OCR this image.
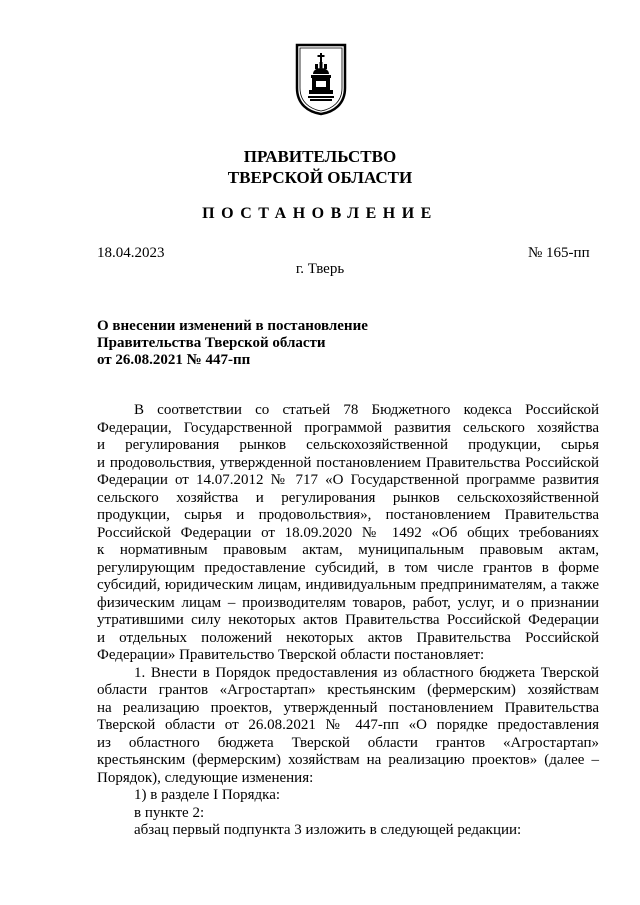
ПРАВИТЕЛЬСТВО
ТВЕРСКОЙ ОБЛАСТИ
ПОСТАНОВЛЕНИЕ
18.04.2023	№ 165-пп
г. Тверь
О внесении изменений в постановление
Правительства Тверской области
от 26.08.2021 № 447-пп
В соответствии со статьей 78 Бюджетного кодекса Российской
Федерации, Государственной программой развития сельского хозяйства
и регулирования рынков сельскохозяйственной продукции, сырья
и продовольствия, утвержденной постановлением Правительства Российской
Федерации от 14.07.2012 № 717 «О Государственной программе развития
сельского хозяйства и регулирования рынков сельскохозяйственной
продукции, сырья и продовольствия», постановлением Правительства
Российской Федерации от 18.09.2020 № 1492 «Об общих требованиях
к нормативным правовым актам, муниципальным правовым актам,
регулирующим предоставление субсидий, в том числе грантов в форме
субсидий, юридическим лицам, индивидуальным предпринимателям, а также
физическим лицам – производителям товаров, работ, услуг, и о признании
утратившими силу некоторых актов Правительства Российской Федерации
и отдельных положений некоторых актов Правительства Российской
Федерации» Правительство Тверской области постановляет:
1. Внести в Порядок предоставления из областного бюджета Тверской
области грантов «Агростартап» крестьянским (фермерским) хозяйствам
на реализацию проектов, утвержденный постановлением Правительства
Тверской области от 26.08.2021 № 447-пп «О порядке предоставления
из областного бюджета Тверской области грантов «Агростартап»
крестьянским (фермерским) хозяйствам на реализацию проектов» (далее –
Порядок), следующие изменения:
1) в разделе I Порядка:
в пункте 2:
абзац первый подпункта 3 изложить в следующей редакции:
